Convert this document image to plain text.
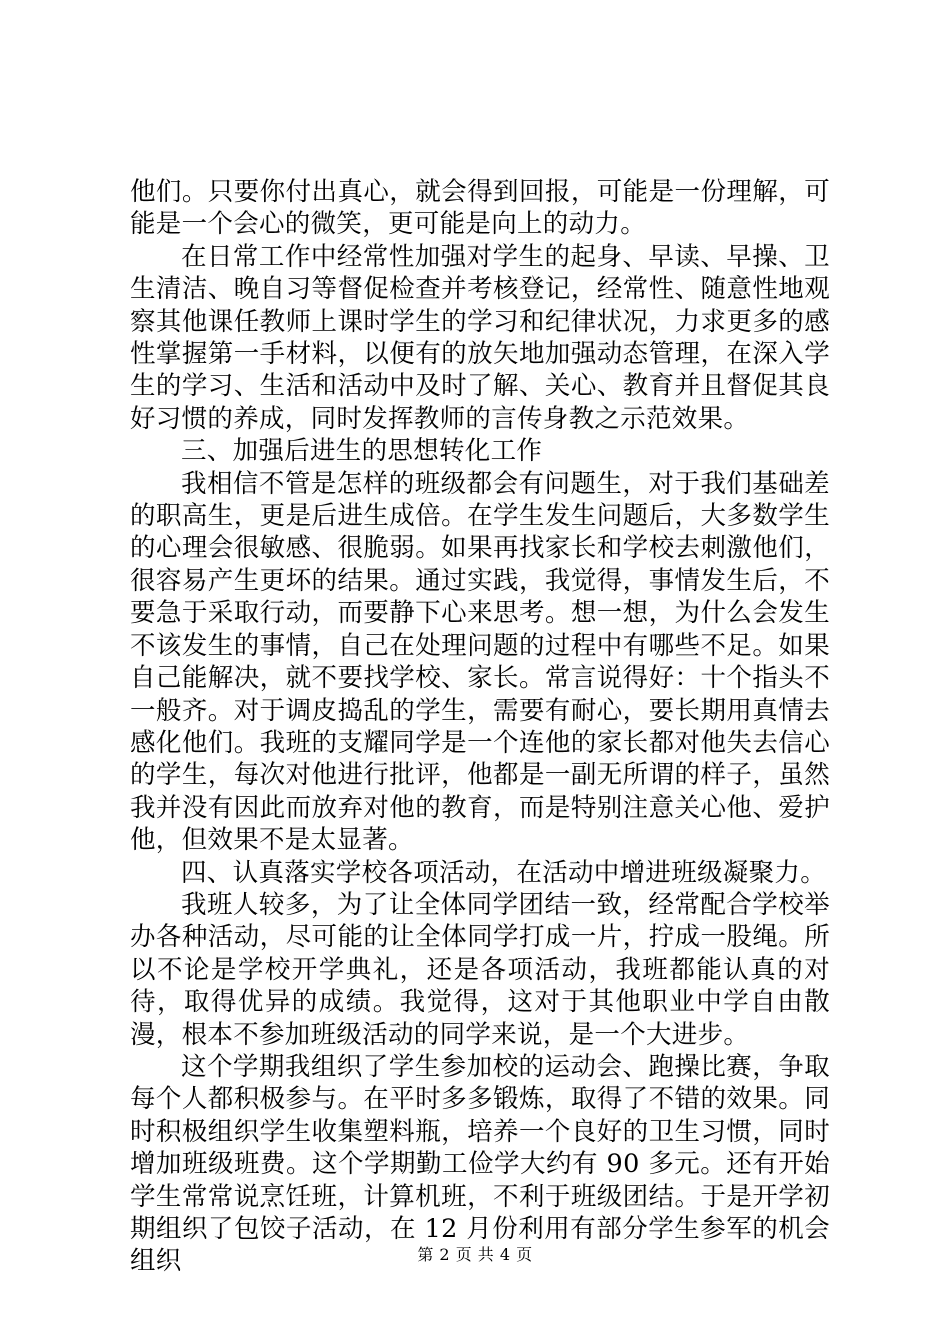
他们。只要你付出真心，就会得到回报，可能是一份理解，可能是一个会心的微笑，更可能是向上的动力。

在日常工作中经常性加强对学生的起身、早读、早操、卫生清洁、晚自习等督促检查并考核登记，经常性、随意性地观察其他课任教师上课时学生的学习和纪律状况，力求更多的感性掌握第一手材料，以便有的放矢地加强动态管理，在深入学生的学习、生活和活动中及时了解、关心、教育并且督促其良好习惯的养成，同时发挥教师的言传身教之示范效果。

三、加强后进生的思想转化工作

我相信不管是怎样的班级都会有问题生，对于我们基础差的职高生，更是后进生成倍。在学生发生问题后，大多数学生的心理会很敏感、很脆弱。如果再找家长和学校去刺激他们，很容易产生更坏的结果。通过实践，我觉得，事情发生后，不要急于采取行动，而要静下心来思考。想一想，为什么会发生不该发生的事情，自己在处理问题的过程中有哪些不足。如果自己能解决，就不要找学校、家长。常言说得好：十个指头不一般齐。对于调皮捣乱的学生，需要有耐心，要长期用真情去感化他们。我班的支耀同学是一个连他的家长都对他失去信心的学生，每次对他进行批评，他都是一副无所谓的样子，虽然我并没有因此而放弃对他的教育，而是特别注意关心他、爱护他，但效果不是太显著。

四、认真落实学校各项活动，在活动中增进班级凝聚力。

我班人较多，为了让全体同学团结一致，经常配合学校举办各种活动，尽可能的让全体同学打成一片，拧成一股绳。所以不论是学校开学典礼，还是各项活动，我班都能认真的对待，取得优异的成绩。我觉得，这对于其他职业中学自由散漫，根本不参加班级活动的同学来说，是一个大进步。

这个学期我组织了学生参加校的运动会、跑操比赛，争取每个人都积极参与。在平时多多锻炼，取得了不错的效果。同时积极组织学生收集塑料瓶，培养一个良好的卫生习惯，同时增加班级班费。这个学期勤工俭学大约有 90 多元。还有开始学生常常说烹饪班，计算机班，不利于班级团结。于是开学初期组织了包饺子活动，在 12 月份利用有部分学生参军的机会组织	第 2 页 共 4 页
